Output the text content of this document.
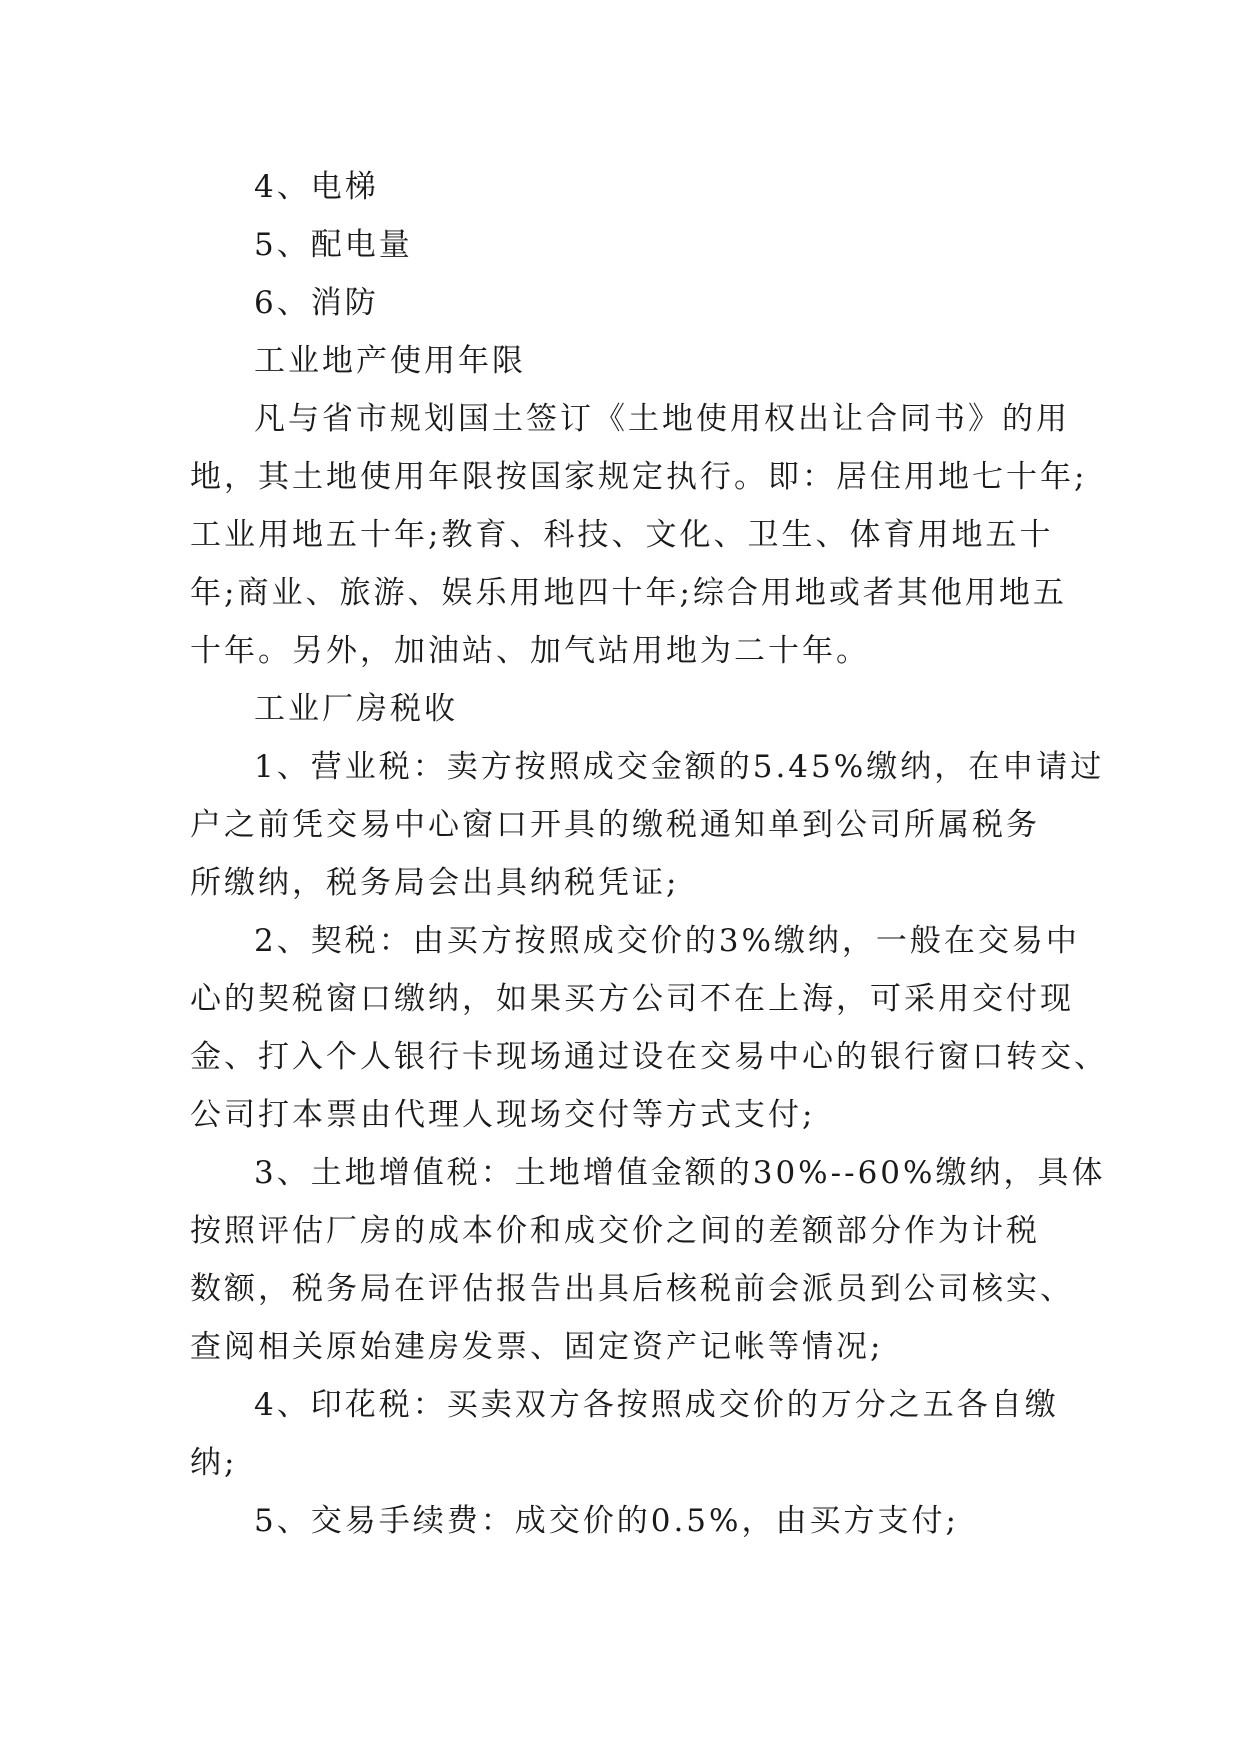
4、电梯

5、配电量

6、消防

工业地产使用年限

凡与省市规划国土签订《土地使用权出让合同书》的用

地，其土地使用年限按国家规定执行。即：居住用地七十年;

工业用地五十年;教育、科技、文化、卫生、体育用地五十

年;商业、旅游、娱乐用地四十年;综合用地或者其他用地五

十年。另外，加油站、加气站用地为二十年。

工业厂房税收

1、营业税：卖方按照成交金额的5.45%缴纳，在申请过

户之前凭交易中心窗口开具的缴税通知单到公司所属税务

所缴纳，税务局会出具纳税凭证;

2、契税：由买方按照成交价的3%缴纳，一般在交易中

心的契税窗口缴纳，如果买方公司不在上海，可采用交付现

金、打入个人银行卡现场通过设在交易中心的银行窗口转交、

公司打本票由代理人现场交付等方式支付;

3、土地增值税：土地增值金额的30%--60%缴纳，具体

按照评估厂房的成本价和成交价之间的差额部分作为计税

数额，税务局在评估报告出具后核税前会派员到公司核实、

查阅相关原始建房发票、固定资产记帐等情况;

4、印花税：买卖双方各按照成交价的万分之五各自缴

纳;

5、交易手续费：成交价的0.5%，由买方支付;
